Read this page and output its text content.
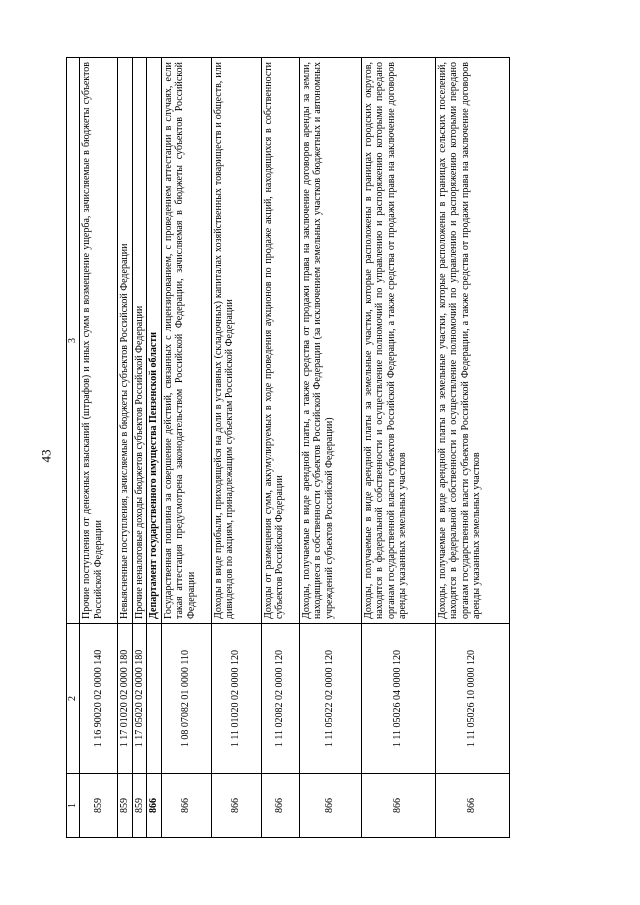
43
1	2	3
859	1 16 90020 02 0000 140	Прочие поступления от денежных взысканий (штрафов) и иных сумм в возмещение ущерба, зачисляемые в бюджеты субъектов Российской Федерации
859	1 17 01020 02 0000 180	Невыясненные поступления, зачисляемые в бюджеты субъектов Российской Федерации
859	1 17 05020 02 0000 180	Прочие неналоговые доходы бюджетов субъектов Российской Федерации
866		Департамент государственного имущества Пензенской области
866	1 08 07082 01 0000 110	Государственная пошлина за совершение действий, связанных с лицензированием, с проведением аттестации в случаях, если такая аттестация предусмотрена законодательством Российской Федерации, зачисляемая в бюджеты субъектов Российской Федерации
866	1 11 01020 02 0000 120	Доходы в виде прибыли, приходящейся на доли в уставных (складочных) капиталах хозяйственных товариществ и обществ, или дивидендов по акциям, принадлежащим субъектам Российской Федерации
866	1 11 02082 02 0000 120	Доходы от размещения сумм, аккумулируемых в ходе проведения аукционов по продаже акций, находящихся в собственности субъектов Российской Федерации
866	1 11 05022 02 0000 120	Доходы, получаемые в виде арендной платы, а также средства от продажи права на заключение договоров аренды за земли, находящиеся в собственности субъектов Российской Федерации (за исключением земельных участков бюджетных и автономных учреждений субъектов Российской Федерации)
866	1 11 05026 04 0000 120	Доходы, получаемые в виде арендной платы за земельные участки, которые расположены в границах городских округов, находятся в федеральной собственности и осуществление полномочий по управлению и распоряжению которыми передано органам государственной власти субъектов Российской Федерации, а также средства от продажи права на заключение договоров аренды указанных земельных участков
866	1 11 05026 10 0000 120	Доходы, получаемые в виде арендной платы за земельные участки, которые расположены в границах сельских поселений, находятся в федеральной собственности и осуществление полномочий по управлению и распоряжению которыми передано органам государственной власти субъектов Российской Федерации, а также средства от продажи права на заключение договоров аренды указанных земельных участков
